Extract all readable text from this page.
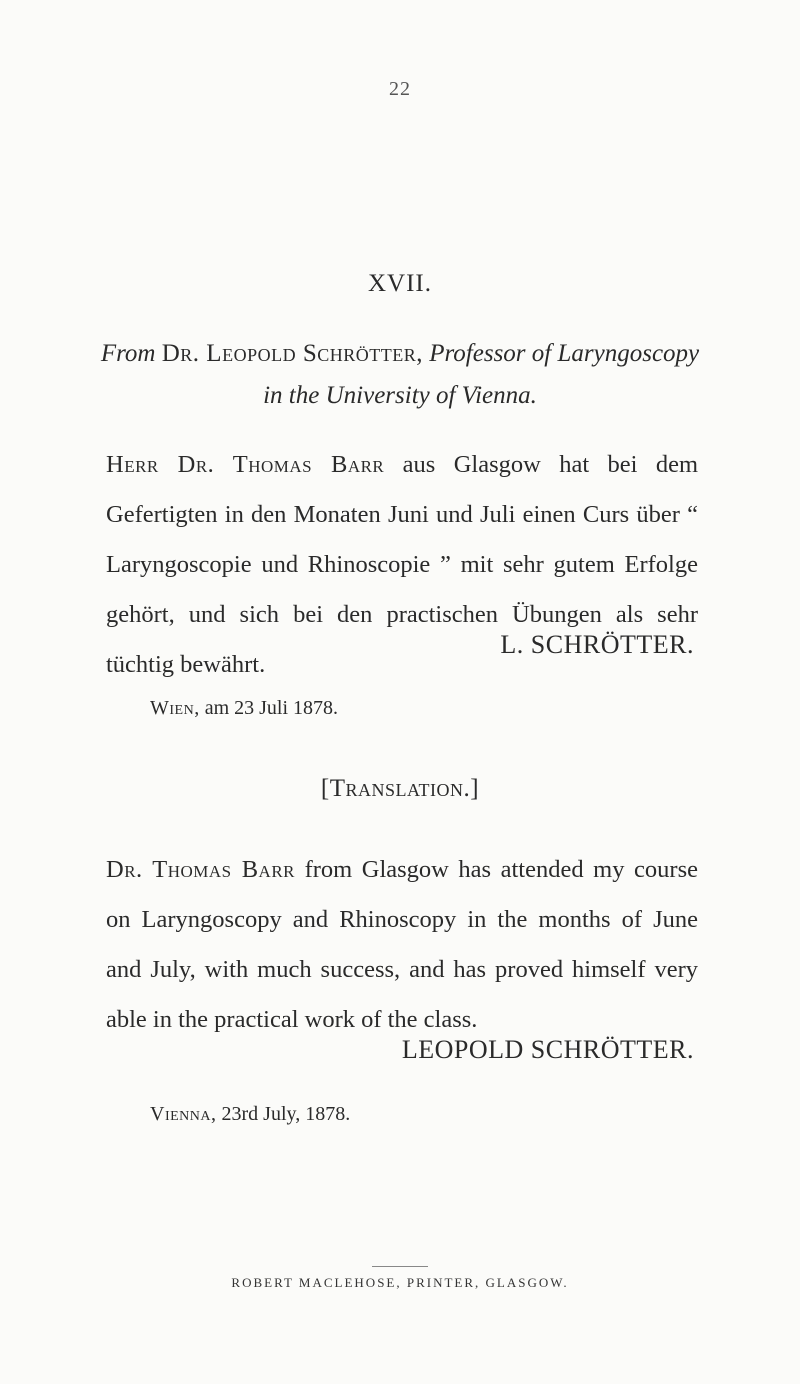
22
XVII.
From Dr. Leopold Schrötter, Professor of Laryngoscopy
in the University of Vienna.
Herr Dr. Thomas Barr aus Glasgow hat bei dem Gefertigten in den Monaten Juni und Juli einen Curs über “ Laryngoscopie und Rhinoscopie ” mit sehr gutem Erfolge gehört, und sich bei den practischen Übungen als sehr tüchtig bewährt.
L. SCHRÖTTER.
Wien, am 23 Juli 1878.
[Translation.]
Dr. Thomas Barr from Glasgow has attended my course on Laryngoscopy and Rhinoscopy in the months of June and July, with much success, and has proved himself very able in the practical work of the class.
LEOPOLD SCHRÖTTER.
Vienna, 23rd July, 1878.
ROBERT MACLEHOSE, PRINTER, GLASGOW.
